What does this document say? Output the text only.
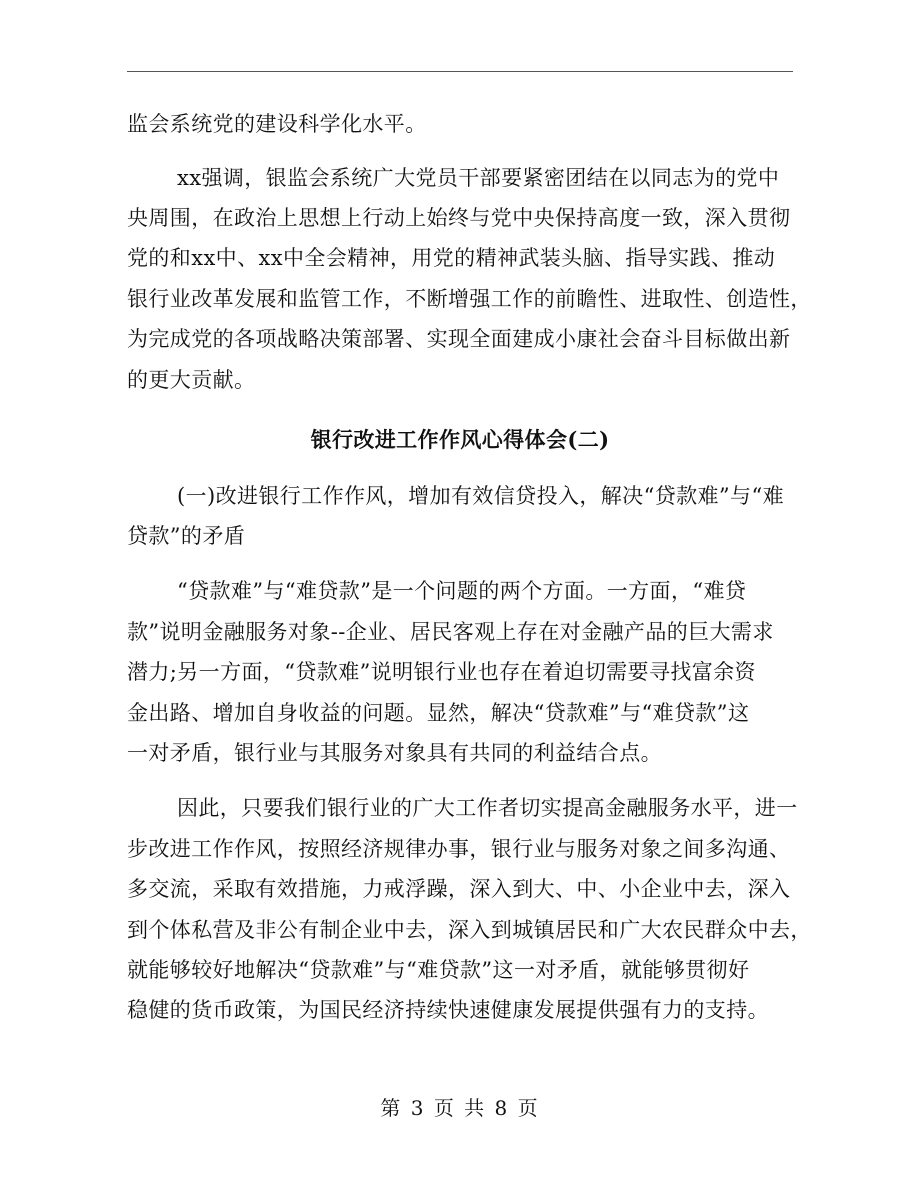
监会系统党的建设科学化水平。
xx强调，银监会系统广大党员干部要紧密团结在以同志为的党中
央周围，在政治上思想上行动上始终与党中央保持高度一致，深入贯彻
党的和xx中、xx中全会精神，用党的精神武装头脑、指导实践、推动
银行业改革发展和监管工作，不断增强工作的前瞻性、进取性、创造性，
为完成党的各项战略决策部署、实现全面建成小康社会奋斗目标做出新
的更大贡献。
银行改进工作作风心得体会(二)
(一)改进银行工作作风，增加有效信贷投入，解决“贷款难”与“难
贷款”的矛盾
“贷款难”与“难贷款”是一个问题的两个方面。一方面，“难贷
款”说明金融服务对象--企业、居民客观上存在对金融产品的巨大需求
潜力;另一方面，“贷款难”说明银行业也存在着迫切需要寻找富余资
金出路、增加自身收益的问题。显然，解决“贷款难”与“难贷款”这
一对矛盾，银行业与其服务对象具有共同的利益结合点。
因此，只要我们银行业的广大工作者切实提高金融服务水平，进一
步改进工作作风，按照经济规律办事，银行业与服务对象之间多沟通、
多交流，采取有效措施，力戒浮躁，深入到大、中、小企业中去，深入
到个体私营及非公有制企业中去，深入到城镇居民和广大农民群众中去，
就能够较好地解决“贷款难”与“难贷款”这一对矛盾，就能够贯彻好
稳健的货币政策，为国民经济持续快速健康发展提供强有力的支持。
第 3 页 共 8 页
